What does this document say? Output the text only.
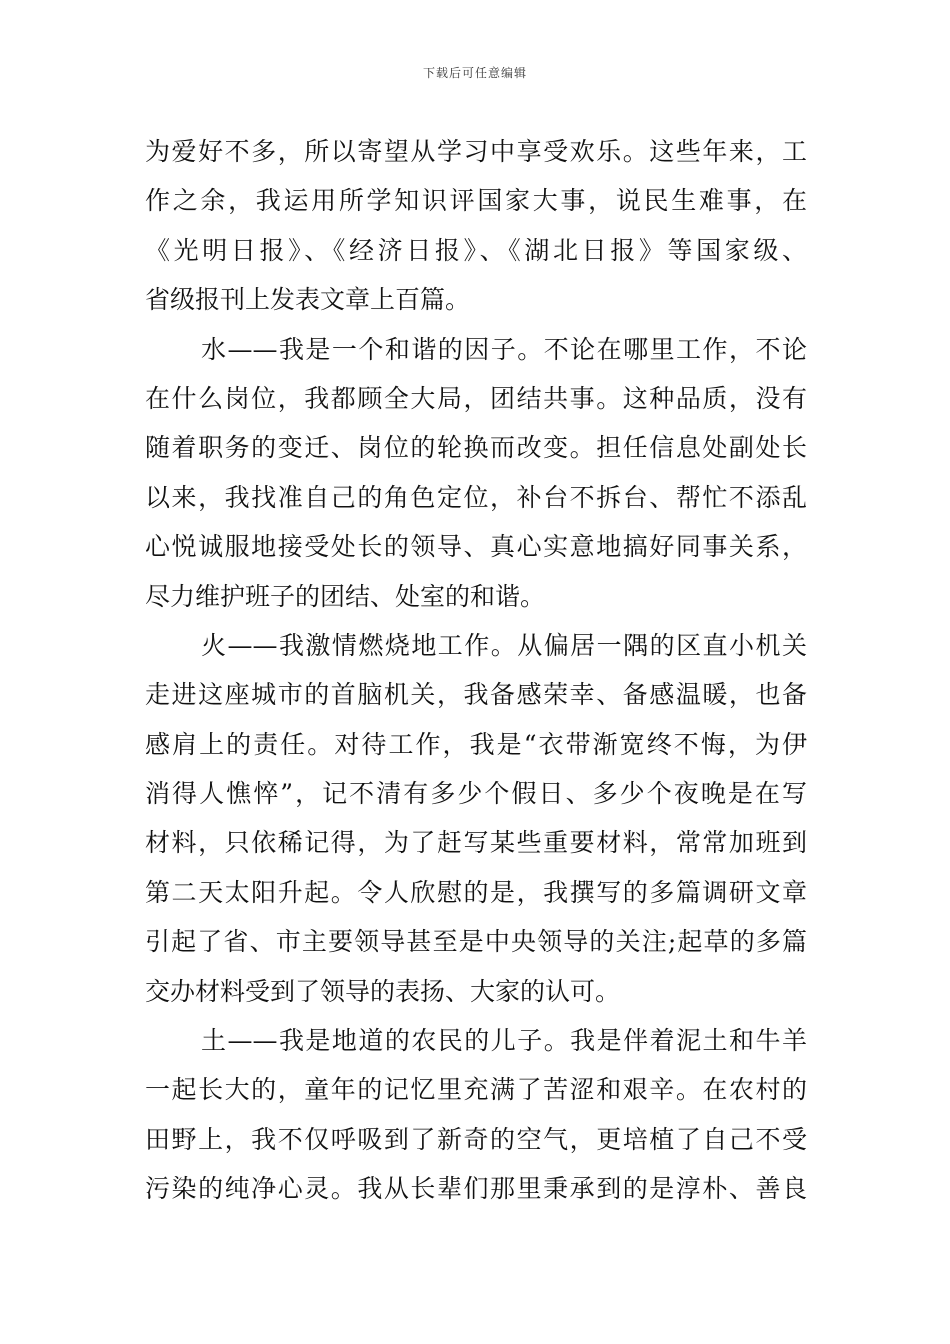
下载后可任意编辑
为爱好不多，所以寄望从学习中享受欢乐。这些年来，工
作之余，我运用所学知识评国家大事，说民生难事，在
《光明日报》、《经济日报》、《湖北日报》等国家级、
省级报刊上发表文章上百篇。
水——我是一个和谐的因子。不论在哪里工作，不论
在什么岗位，我都顾全大局，团结共事。这种品质，没有
随着职务的变迁、岗位的轮换而改变。担任信息处副处长
以来，我找准自己的角色定位，补台不拆台、帮忙不添乱
心悦诚服地接受处长的领导、真心实意地搞好同事关系，
尽力维护班子的团结、处室的和谐。
火——我激情燃烧地工作。从偏居一隅的区直小机关
走进这座城市的首脑机关，我备感荣幸、备感温暖，也备
感肩上的责任。对待工作，我是“衣带渐宽终不悔，为伊
消得人憔悴”，记不清有多少个假日、多少个夜晚是在写
材料，只依稀记得，为了赶写某些重要材料，常常加班到
第二天太阳升起。令人欣慰的是，我撰写的多篇调研文章
引起了省、市主要领导甚至是中央领导的关注;起草的多篇
交办材料受到了领导的表扬、大家的认可。
土——我是地道的农民的儿子。我是伴着泥土和牛羊
一起长大的，童年的记忆里充满了苦涩和艰辛。在农村的
田野上，我不仅呼吸到了新奇的空气，更培植了自己不受
污染的纯净心灵。我从长辈们那里秉承到的是淳朴、善良
